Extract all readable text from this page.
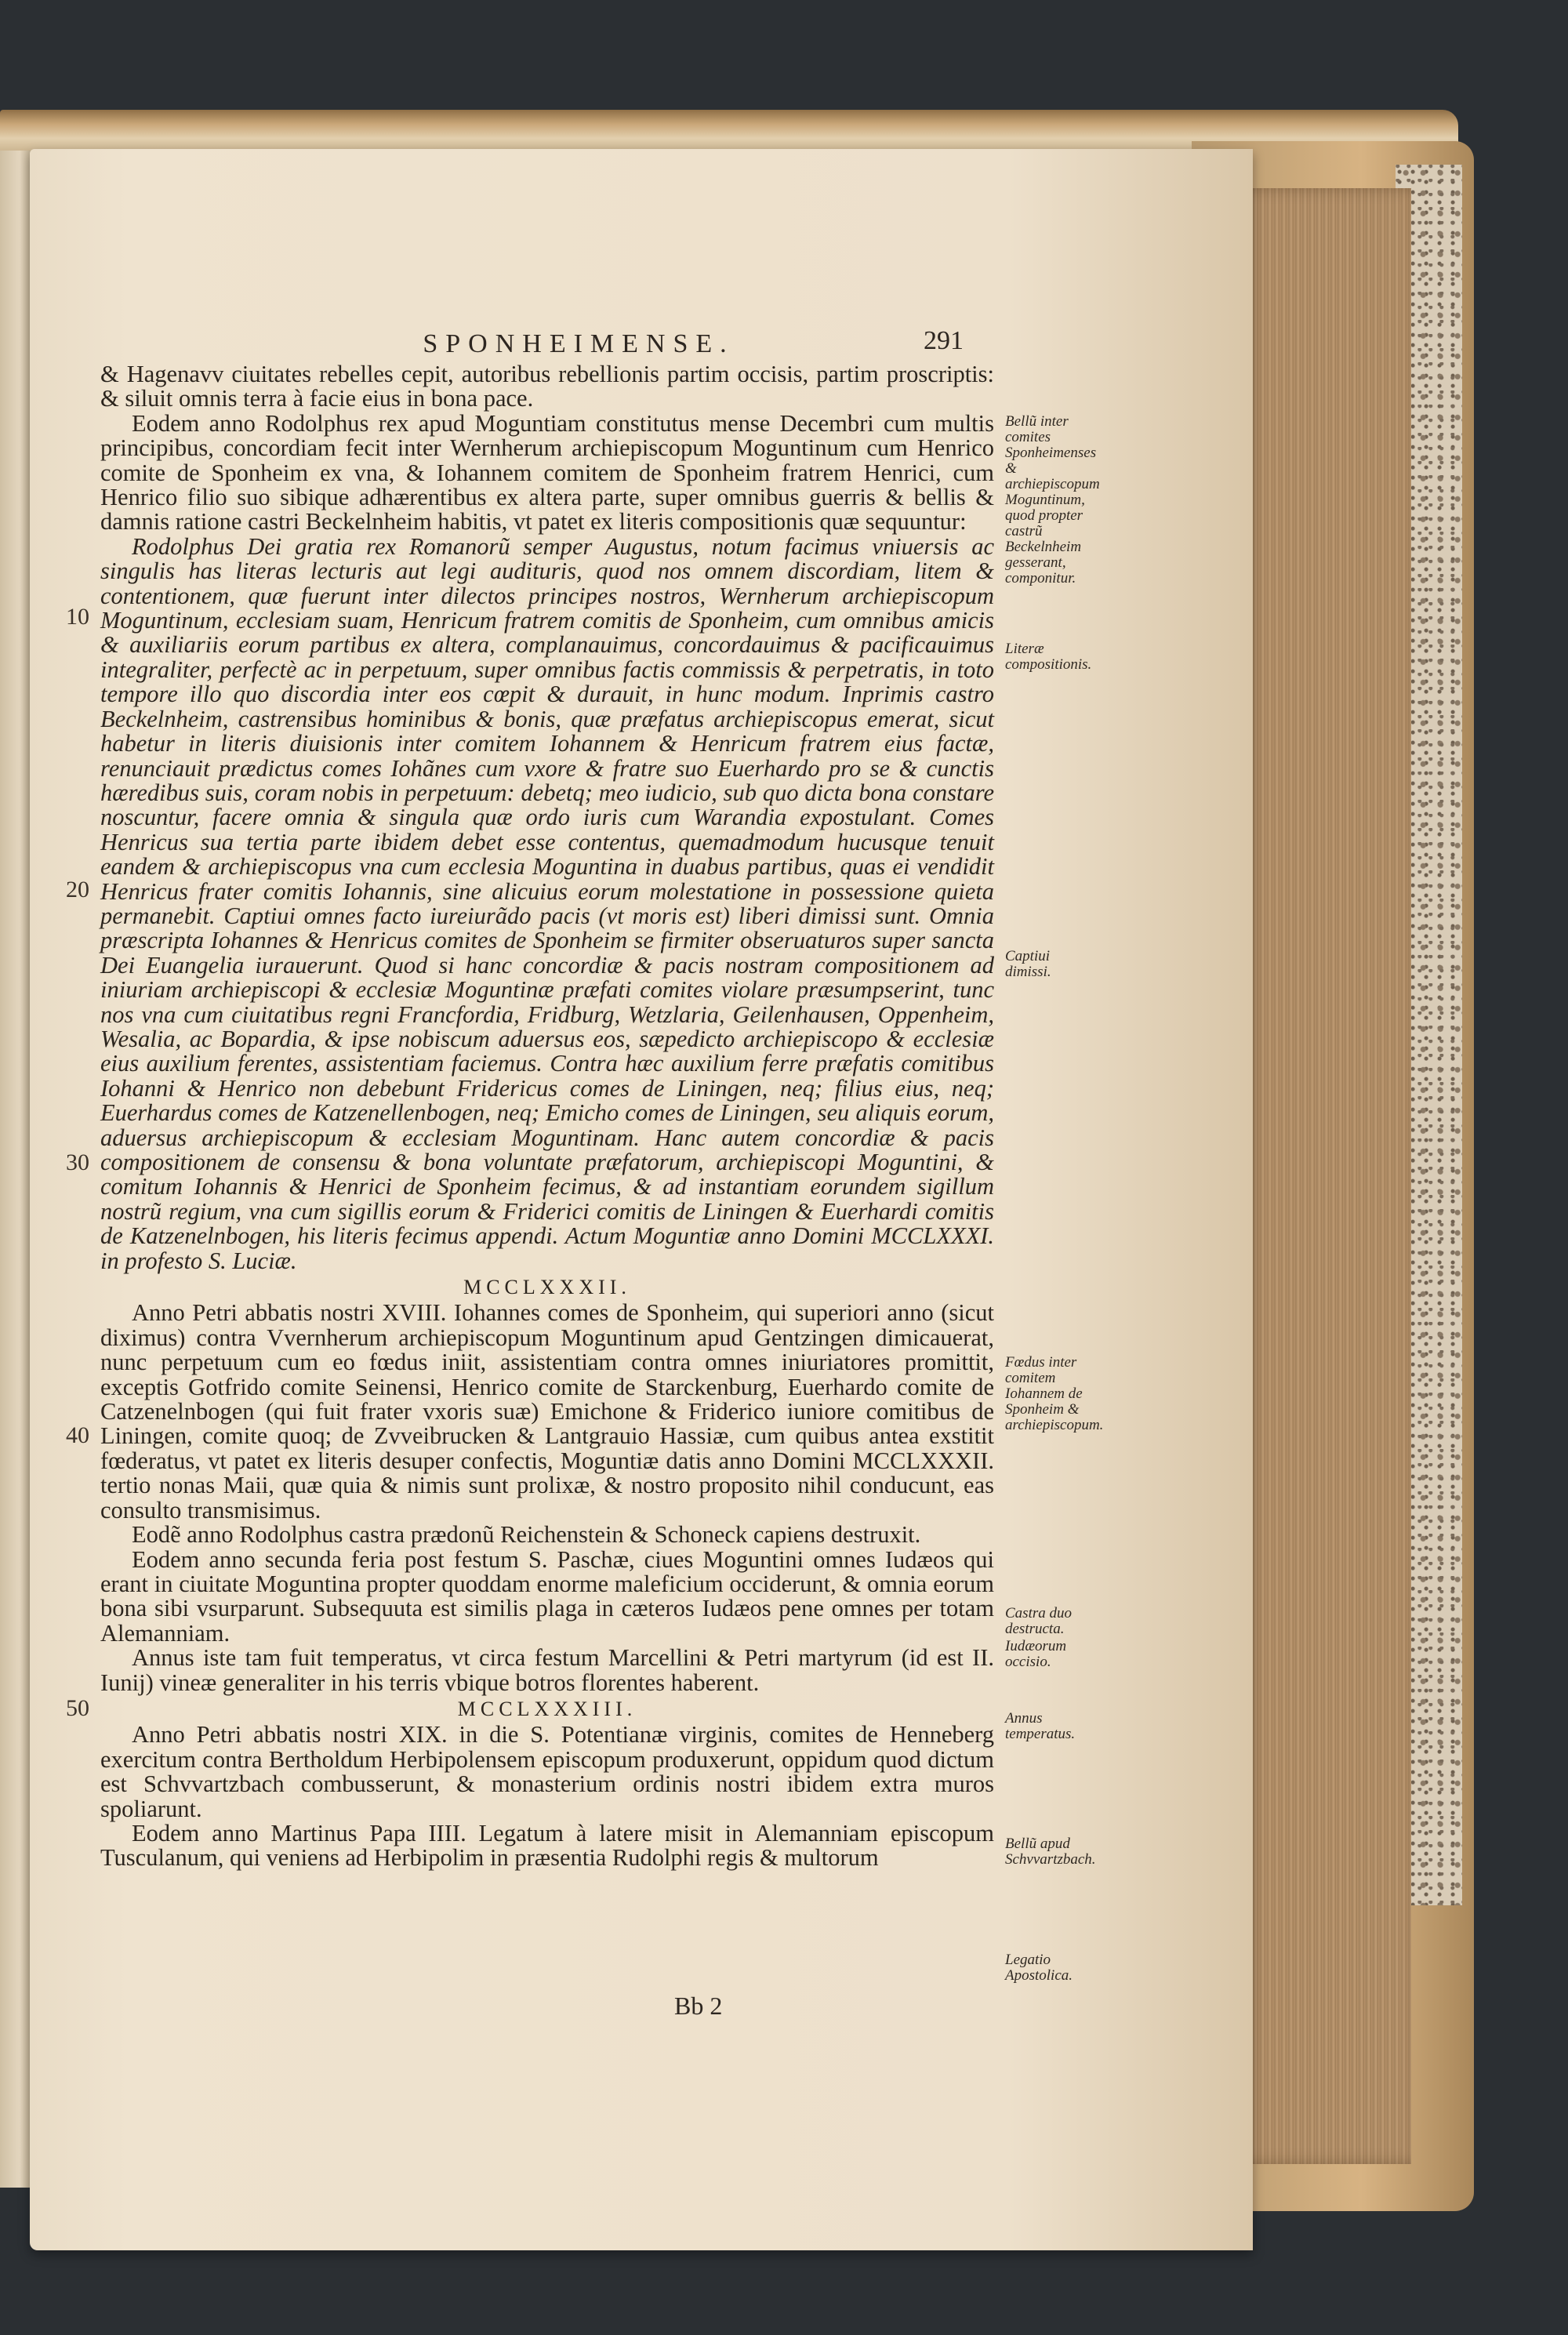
SPONHEIMENSE.	291
10
20
30
40
50

& Hagenavv ciuitates rebelles cepit, autoribus rebellionis partim occisis, partim proscriptis: & siluit omnis terra à facie eius in bona pace.

Eodem anno Rodolphus rex apud Moguntiam constitutus mense Decembri cum multis principibus, concordiam fecit inter Wernherum archiepiscopum Moguntinum cum Henrico comite de Sponheim ex vna, & Iohannem comitem de Sponheim fratrem Henrici, cum Henrico filio suo sibique adhærentibus ex altera parte, super omnibus guerris & bellis & damnis ratione castri Beckelnheim habitis, vt patet ex literis compositionis quæ sequuntur:

Rodolphus Dei gratia rex Romanorũ semper Augustus, notum facimus vniuersis ac singulis has literas lecturis aut legi audituris, quod nos omnem discordiam, litem & contentionem, quæ fuerunt inter dilectos principes nostros, Wernherum archiepiscopum Moguntinum, ecclesiam suam, Henricum fratrem comitis de Sponheim, cum omnibus amicis & auxiliariis eorum partibus ex altera, complanauimus, concordauimus & pacificauimus integraliter, perfectè ac in perpetuum, super omnibus factis commissis & perpetratis, in toto tempore illo quo discordia inter eos cœpit & durauit, in hunc modum. Inprimis castro Beckelnheim, castrensibus hominibus & bonis, quæ præfatus archiepiscopus emerat, sicut habetur in literis diuisionis inter comitem Iohannem & Henricum fratrem eius factæ, renunciauit prædictus comes Iohãnes cum vxore & fratre suo Euerhardo pro se & cunctis hæredibus suis, coram nobis in perpetuum: debetq; meo iudicio, sub quo dicta bona constare noscuntur, facere omnia & singula quæ ordo iuris cum Warandia expostulant. Comes Henricus sua tertia parte ibidem debet esse contentus, quemadmodum hucusque tenuit eandem & archiepiscopus vna cum ecclesia Moguntina in duabus partibus, quas ei vendidit Henricus frater comitis Iohannis, sine alicuius eorum molestatione in possessione quieta permanebit. Captiui omnes facto iureiurãdo pacis (vt moris est) liberi dimissi sunt. Omnia præscripta Iohannes & Henricus comites de Sponheim se firmiter obseruaturos super sancta Dei Euangelia iurauerunt. Quod si hanc concordiæ & pacis nostram compositionem ad iniuriam archiepiscopi & ecclesiæ Moguntinæ præfati comites violare præsumpserint, tunc nos vna cum ciuitatibus regni Francfordia, Fridburg, Wetzlaria, Geilenhausen, Oppenheim, Wesalia, ac Bopardia, & ipse nobiscum aduersus eos, sæpedicto archiepiscopo & ecclesiæ eius auxilium ferentes, assistentiam faciemus. Contra hæc auxilium ferre præfatis comitibus Iohanni & Henrico non debebunt Fridericus comes de Liningen, neq; filius eius, neq; Euerhardus comes de Katzenellenbogen, neq; Emicho comes de Liningen, seu aliquis eorum, aduersus archiepiscopum & ecclesiam Moguntinam. Hanc autem concordiæ & pacis compositionem de consensu & bona voluntate præfatorum, archiepiscopi Moguntini, & comitum Iohannis & Henrici de Sponheim fecimus, & ad instantiam eorundem sigillum nostrũ regium, vna cum sigillis eorum & Friderici comitis de Liningen & Euerhardi comitis de Katzenelnbogen, his literis fecimus appendi. Actum Moguntiæ anno Domini MCCLXXXI. in profesto S. Luciæ.

MCCLXXXII.

Anno Petri abbatis nostri XVIII. Iohannes comes de Sponheim, qui superiori anno (sicut diximus) contra Vvernherum archiepiscopum Moguntinum apud Gentzingen dimicauerat, nunc perpetuum cum eo fœdus iniit, assistentiam contra omnes iniuriatores promittit, exceptis Gotfrido comite Seinensi, Henrico comite de Starckenburg, Euerhardo comite de Catzenelnbogen (qui fuit frater vxoris suæ) Emichone & Friderico iuniore comitibus de Liningen, comite quoq; de Zvveibrucken & Lantgrauio Hassiæ, cum quibus antea exstitit fœderatus, vt patet ex literis desuper confectis, Moguntiæ datis anno Domini MCCLXXXII. tertio nonas Maii, quæ quia & nimis sunt prolixæ, & nostro proposito nihil conducunt, eas consulto transmisimus.

Eodẽ anno Rodolphus castra prædonũ Reichenstein & Schoneck capiens destruxit.

Eodem anno secunda feria post festum S. Paschæ, ciues Moguntini omnes Iudæos qui erant in ciuitate Moguntina propter quoddam enorme maleficium occiderunt, & omnia eorum bona sibi vsurparunt. Subsequuta est similis plaga in cæteros Iudæos pene omnes per totam Alemanniam.

Annus iste tam fuit temperatus, vt circa festum Marcellini & Petri martyrum (id est II. Iunij) vineæ generaliter in his terris vbique botros florentes haberent.

MCCLXXXIII.

Anno Petri abbatis nostri XIX. in die S. Potentianæ virginis, comites de Henneberg exercitum contra Bertholdum Herbipolensem episcopum produxerunt, oppidum quod dictum est Schvvartzbach combusserunt, & monasterium ordinis nostri ibidem extra muros spoliarunt.

Eodem anno Martinus Papa IIII. Legatum à latere misit in Alemanniam episcopum Tusculanum, qui veniens ad Herbipolim in præsentia Rudolphi regis & multorum

Bellũ inter comites Sponheimenses & archiepiscopum Moguntinum, quod propter castrũ Beckelnheim gesserant, componitur.
Literæ compositionis.
Captiui dimissi.
Fœdus inter comitem Iohannem de Sponheim & archiepiscopum.
Castra duo destructa.
Iudæorum occisio.
Annus temperatus.
Bellũ apud Schvvartzbach.
Legatio Apostolica.
Bb 2
